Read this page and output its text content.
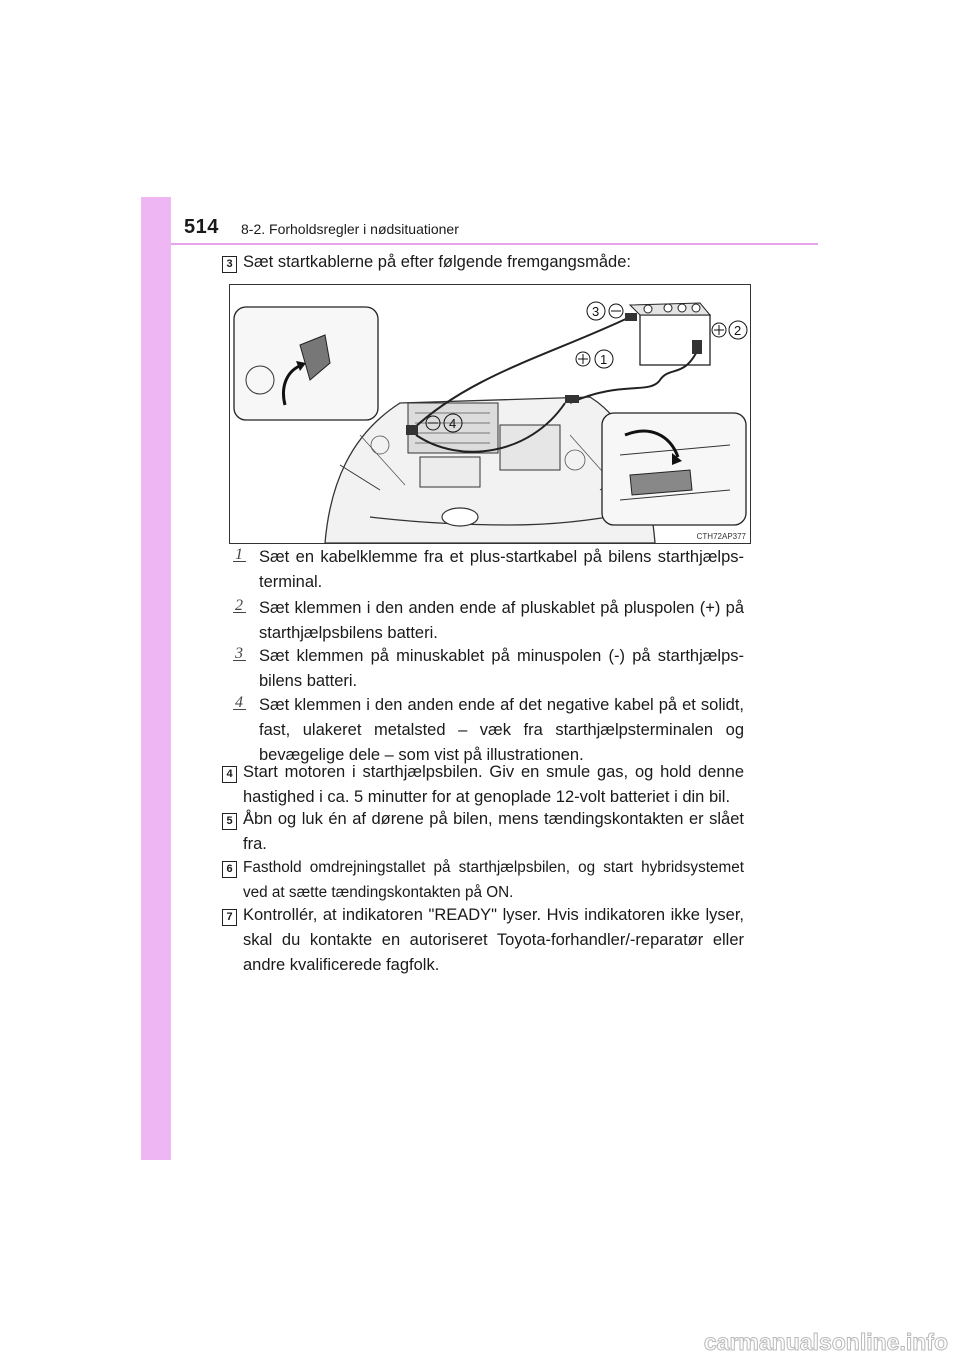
514 8-2. Forholdsregler i nødsituationer
3 Sæt startkablerne på efter følgende fremgangsmåde:
1
2
3
4
CTH72AP377
1 Sæt en kabelklemme fra et plus-startkabel på bilens starthjælps-terminal.
2 Sæt klemmen i den anden ende af pluskablet på pluspolen (+) på starthjælpsbilens batteri.
3 Sæt klemmen på minuskablet på minuspolen (-) på starthjælps-bilens batteri.
4 Sæt klemmen i den anden ende af det negative kabel på et solidt, fast, ulakeret metalsted – væk fra starthjælpsterminalen og bevægelige dele – som vist på illustrationen.
4 Start motoren i starthjælpsbilen. Giv en smule gas, og hold denne hastighed i ca. 5 minutter for at genoplade 12-volt batteriet i din bil.
5 Åbn og luk én af dørene på bilen, mens tændingskontakten er slået fra.
6 Fasthold omdrejningstallet på starthjælpsbilen, og start hybridsystemet ved at sætte tændingskontakten på ON.
7 Kontrollér, at indikatoren "READY" lyser. Hvis indikatoren ikke lyser, skal du kontakte en autoriseret Toyota-forhandler/-reparatør eller andre kvalificerede fagfolk.
carmanualsonline.info
